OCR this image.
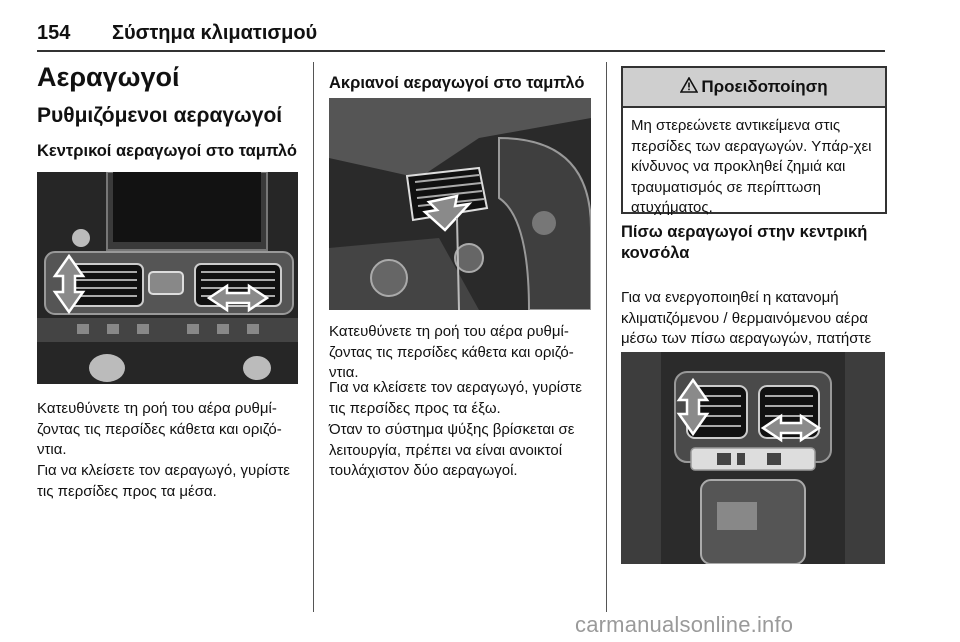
154 Σύστημα κλιματισμού
Αεραγωγοί
Ρυθμιζόμενοι αεραγωγοί
Κεντρικοί αεραγωγοί στο ταμπλό

Κατευθύνετε τη ροή του αέρα ρυθμί-ζοντας τις περσίδες κάθετα και οριζό-ντια.

Για να κλείσετε τον αεραγωγό, γυρίστε τις περσίδες προς τα μέσα.

Ακριανοί αεραγωγοί στο ταμπλό

Κατευθύνετε τη ροή του αέρα ρυθμί-ζοντας τις περσίδες κάθετα και οριζό-ντια.

Για να κλείσετε τον αεραγωγό, γυρίστε τις περσίδες προς τα έξω.

Όταν το σύστημα ψύξης βρίσκεται σε λειτουργία, πρέπει να είναι ανοικτοί τουλάχιστον δύο αεραγωγοί.

Προειδοποίηση
Μη στερεώνετε αντικείμενα στις περσίδες των αεραγωγών. Υπάρ-χει κίνδυνος να προκληθεί ζημιά και τραυματισμός σε περίπτωση ατυχήματος.
Πίσω αεραγωγοί στην κεντρική κονσόλα

Για να ενεργοποιηθεί η κατανομή κλιματιζόμενου / θερμαινόμενου αέρα μέσω των πίσω αεραγωγών, πατήστε

carmanualsonline.info
